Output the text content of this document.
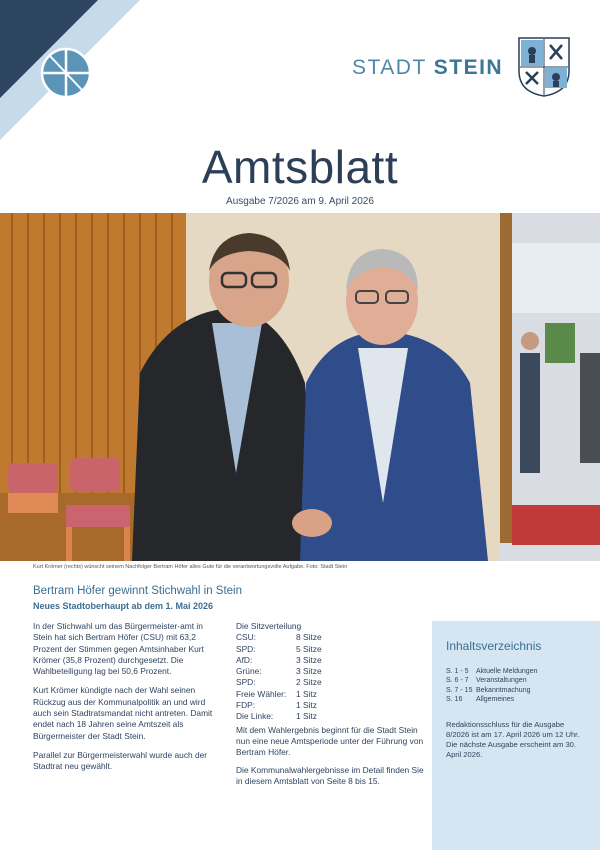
STADT STEIN
Amtsblatt
Ausgabe 7/2026 am 9. April 2026
Kurt Krömer (rechts) wünscht seinem Nachfolger Bertram Höfer alles Gute für die verantwortungsvolle Aufgabe. Foto: Stadt Stein
Bertram Höfer gewinnt Stichwahl in Stein
Neues Stadtoberhaupt ab dem 1. Mai 2026

In der Stichwahl um das Bürgermeister-amt in Stein hat sich Bertram Höfer (CSU) mit 63,2 Prozent der Stimmen gegen Amtsinhaber Kurt Krömer (35,8 Prozent) durchgesetzt. Die Wahlbeteiligung lag bei 50,6 Prozent.

Kurt Krömer kündigte nach der Wahl seinen Rückzug aus der Kommunalpolitik an und wird auch sein Stadtratsmandat nicht antreten. Damit endet nach 18 Jahren seine Amtszeit als Bürgermeister der Stadt Stein.

Parallel zur Bürgermeisterwahl wurde auch der Stadtrat neu gewählt.

Die Sitzverteilung
CSU:	8 Sitze
SPD:	5 Sitze
AfD:	3 Sitze
Grüne:	3 Sitze
SPD:	2 Sitze
Freie Wähler:	1 Sitz
FDP:	1 Sitz
Die Linke:	1 Sitz

Mit dem Wahlergebnis beginnt für die Stadt Stein nun eine neue Amtsperiode unter der Führung von Bertram Höfer.

Die Kommunalwahlergebnisse im Detail finden Sie in diesem Amtsblatt von Seite 8 bis 15.

Inhaltsverzeichnis
S. 1 - 5	Aktuelle Meldungen
S. 6 - 7	Veranstaltungen
S. 7 - 15 Bekanntmachung
S. 16	Allgemeines
Redaktionsschluss für die Ausgabe 8/2026 ist am 17. April 2026 um 12 Uhr. Die nächste Ausgabe erscheint am 30. April 2026.
